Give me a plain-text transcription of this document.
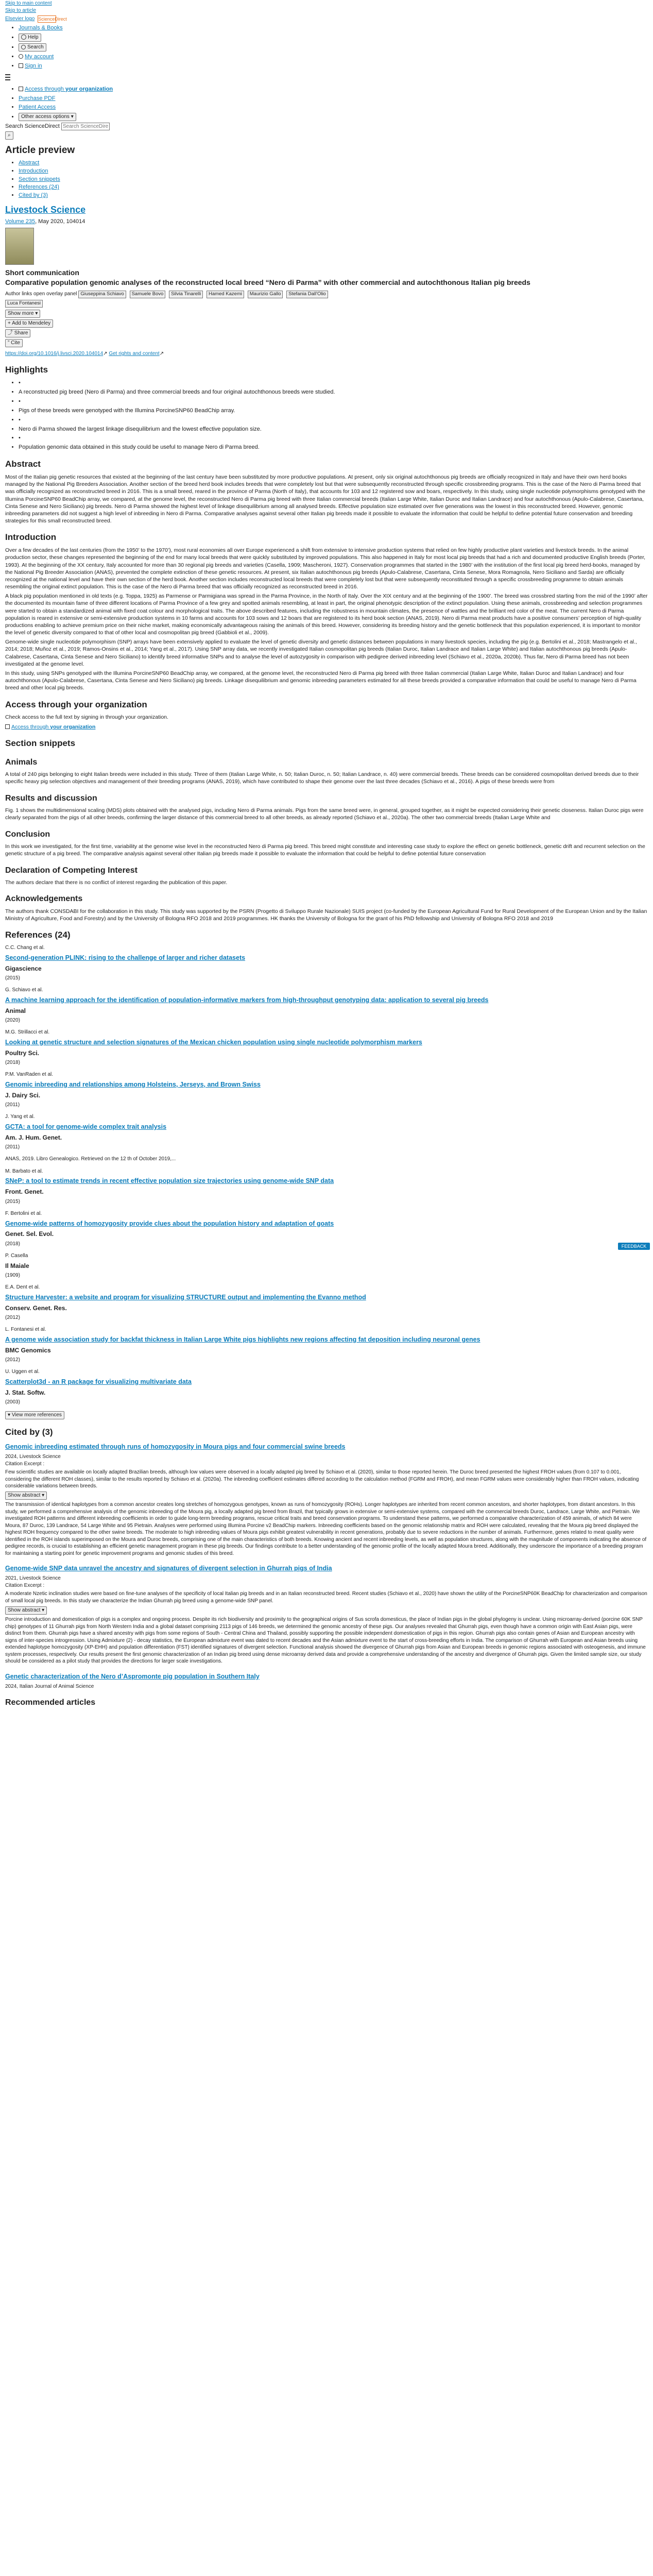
Skip to main content
Skip to article
Elsevier logo ScienceDirect
• Journals & Books
• Help
• Search
• My account
• Sign in
• Access through your organization
• Purchase PDF
• Patient Access
• Other access options ▾
Search ScienceDirect Search ScienceDirect
⌕
Article preview
• Abstract
• Introduction
• Section snippets
• References (24)
• Cited by (3)
Livestock Science
Volume 235, May 2020, 104014
Short communication
Comparative population genomic analyses of the reconstructed local breed “Nero di Parma” with other commercial and autochthonous Italian pig breeds
Author links open overlay panel Giuseppina Schiavo Samuele Bovo Silvia Tinarelli Hamed Kazemi Maurizio Gallo Stefania Dall'Olio
Luca Fontanesi
Show more ▾
+ Add to Mendeley
⤴ Share
” Cite
https://doi.org/10.1016/j.livsci.2020.104014↗ Get rights and content↗
Highlights
• •
• A reconstructed pig breed (Nero di Parma) and three commercial breeds and four original autochthonous breeds were studied.
• •
• Pigs of these breeds were genotyped with the Illumina PorcineSNP60 BeadChip array.
• •
• Nero di Parma showed the largest linkage disequilibrium and the lowest effective population size.
• •
• Population genomic data obtained in this study could be useful to manage Nero di Parma breed.
Abstract

Most of the Italian pig genetic resources that existed at the beginning of the last century have been substituted by more productive populations. At present, only six original autochthonous pig breeds are officially recognized in Italy and have their own herd books managed by the National Pig Breeders Association. Another section of the breed herd book includes breeds that were completely lost but that were subsequently reconstructed through specific crossbreeding programs. This is the case of the Nero di Parma breed that was officially recognized as reconstructed breed in 2016. This is a small breed, reared in the province of Parma (North of Italy), that accounts for 103 and 12 registered sow and boars, respectively. In this study, using single nucleotide polymorphisms genotyped with the Illumina PorcineSNP60 BeadChip array, we compared, at the genome level, the reconstructed Nero di Parma pig breed with three Italian commercial breeds (Italian Large White, Italian Duroc and Italian Landrace) and four autochthonous (Apulo-Calabrese, Casertana, Cinta Senese and Nero Siciliano) pig breeds. Nero di Parma showed the highest level of linkage disequilibrium among all analysed breeds. Effective population size estimated over five generations was the lowest in this reconstructed breed. However, genomic inbreeding parameters did not suggest a high level of inbreeding in Nero di Parma. Comparative analyses against several other Italian pig breeds made it possible to evaluate the information that could be helpful to define potential future conservation and breeding strategies for this small reconstructed breed.

Introduction

Over a few decades of the last centuries (from the 1950’ to the 1970’), most rural economies all over Europe experienced a shift from extensive to intensive production systems that relied on few highly productive plant varieties and livestock breeds. In the animal production sector, these changes represented the beginning of the end for many local breeds that were quickly substituted by improved populations. This also happened in Italy for most local pig breeds that had a rich and documented productive English breeds (Porter, 1993). At the beginning of the XX century, Italy accounted for more than 30 regional pig breeds and varieties (Casella, 1909; Mascheroni, 1927). Conservation programmes that started in the 1980’ with the institution of the first local pig breed herd-books, managed by the National Pig Breeder Association (ANAS), prevented the complete extinction of these genetic resources. At present, six Italian autochthonous pig breeds (Apulo-Calabrese, Casertana, Cinta Senese, Mora Romagnola, Nero Siciliano and Sarda) are officially recognized at the national level and have their own section of the herd book. Another section includes reconstructed local breeds that were completely lost but that were subsequently reconstituted through a specific crossbreeding programme to obtain animals resembling the original extinct population. This is the case of the Nero di Parma breed that was officially recognized as reconstructed breed in 2016.

A black pig population mentioned in old texts (e.g. Toppa, 1925) as Parmense or Parmigiana was spread in the Parma Province, in the North of Italy. Over the XIX century and at the beginning of the 1900’. The breed was crossbred starting from the mid of the 1990’ after the documented its mountain fame of three different locations of Parma Province of a few grey and spotted animals resembling, at least in part, the original phenotypic description of the extinct population. Using these animals, crossbreeding and selection programmes were started to obtain a standardized animal with fixed coat colour and morphological traits. The above described features, including the robustness in mountain climates, the presence of wattles and the brilliant red color of the meat. The current Nero di Parma population is reared in extensive or semi-extensive production systems in 10 farms and accounts for 103 sows and 12 boars that are registered to its herd book section (ANAS, 2019). Nero di Parma meat products have a positive consumers’ perception of high-quality productions enabling to achieve premium price on their niche market, making economically advantageous raising the animals of this breed. However, considering its breeding history and the genetic bottleneck that this population experienced, it is important to monitor the level of genetic diversity compared to that of other local and cosmopolitan pig breed (Gabbioli et al., 2009).

Genome-wide single nucleotide polymorphism (SNP) arrays have been extensively applied to evaluate the level of genetic diversity and genetic distances between populations in many livestock species, including the pig (e.g. Bertolini et al., 2018; Mastrangelo et al., 2014; 2018; Muñoz et al., 2019; Ramos-Onsins et al., 2014; Yang et al., 2017). Using SNP array data, we recently investigated Italian cosmopolitan pig breeds (Italian Duroc, Italian Landrace and Italian Large White) and Italian autochthonous pig breeds (Apulo-Calabrese, Casertana, Cinta Senese and Nero Siciliano) to identify breed informative SNPs and to analyse the level of autozygosity in comparison with pedigree derived inbreeding level (Schiavo et al., 2020a, 2020b). Thus far, Nero di Parma breed has not been investigated at the genome level.

In this study, using SNPs genotyped with the Illumina PorcineSNP60 BeadChip array, we compared, at the genome level, the reconstructed Nero di Parma pig breed with three Italian commercial (Italian Large White, Italian Duroc and Italian Landrace) and four autochthonous (Apulo-Calabrese, Casertana, Cinta Senese and Nero Siciliano) pig breeds. Linkage disequilibrium and genomic inbreeding parameters estimated for all these breeds provided a comparative information that could be useful to manage Nero di Parma breed and other local pig breeds.

Access through your organization

Check access to the full text by signing in through your organization.

Access through your organization

Section snippets
Animals

A total of 240 pigs belonging to eight Italian breeds were included in this study. Three of them (Italian Large White, n. 50; Italian Duroc, n. 50; Italian Landrace, n. 40) were commercial breeds. These breeds can be considered cosmopolitan derived breeds due to their specific heavy pig selection objectives and management of their breeding programs (ANAS, 2019), which have contributed to shape their genome over the last three decades (Schiavo et al., 2016). A pigs of these breeds were from

Results and discussion

Fig. 1 shows the multidimensional scaling (MDS) plots obtained with the analysed pigs, including Nero di Parma animals. Pigs from the same breed were, in general, grouped together, as it might be expected considering their genetic closeness. Italian Duroc pigs were clearly separated from the pigs of all other breeds, confirming the larger distance of this commercial breed to all other breeds, as already reported (Schiavo et al., 2020a). The other two commercial breeds (Italian Large White and

Conclusion

In this work we investigated, for the first time, variability at the genome wise level in the reconstructed Nero di Parma pig breed. This breed might constitute and interesting case study to explore the effect on genetic bottleneck, genetic drift and recurrent selection on the genetic structure of a pig breed. The comparative analysis against several other Italian pig breeds made it possible to evaluate the information that could be helpful to define potential future conservation

Declaration of Competing Interest

The authors declare that there is no conflict of interest regarding the publication of this paper.

Acknowledgements

The authors thank CONSDABI for the collaboration in this study. This study was supported by the PSRN (Progetto di Sviluppo Rurale Nazionale) SUIS project (co-funded by the European Agricultural Fund for Rural Development of the European Union and by the Italian Ministry of Agriculture, Food and Forestry) and by the University of Bologna RFO 2018 and 2019 programmes. HK thanks the University of Bologna for the grant of his PhD fellowship and University of Bologna RFO 2018 and 2019

References (24)
C.C. Chang et al.
Second-generation PLINK: rising to the challenge of larger and richer datasets
Gigascience
(2015)
G. Schiavo et al.
A machine learning approach for the identification of population-informative markers from high-throughput genotyping data: application to several pig breeds
Animal
(2020)
M.G. Strillacci et al.
Looking at genetic structure and selection signatures of the Mexican chicken population using single nucleotide polymorphism markers
Poultry Sci.
(2018)
P.M. VanRaden et al.
Genomic inbreeding and relationships among Holsteins, Jerseys, and Brown Swiss
J. Dairy Sci.
(2011)
J. Yang et al.
GCTA: a tool for genome-wide complex trait analysis
Am. J. Hum. Genet.
(2011)
ANAS, 2019. Libro Genealogico. Retrieved on the 12 th of October 2019,...
M. Barbato et al.
SNeP: a tool to estimate trends in recent effective population size trajectories using genome-wide SNP data
Front. Genet.
(2015)
F. Bertolini et al.
Genome-wide patterns of homozygosity provide clues about the population history and adaptation of goats
Genet. Sel. Evol.
(2018)
P. Casella
Il Maiale
(1909)
E.A. Dent et al.
Structure Harvester: a website and program for visualizing STRUCTURE output and implementing the Evanno method
Conserv. Genet. Res.
(2012)
L. Fontanesi et al.
A genome wide association study for backfat thickness in Italian Large White pigs highlights new regions affecting fat deposition including neuronal genes
BMC Genomics
(2012)
U. Uggen et al.
Scatterplot3d - an R package for visualizing multivariate data
J. Stat. Softw.
(2003)
▾ View more references
Cited by (3)
Genomic inbreeding estimated through runs of homozygosity in Moura pigs and four commercial swine breeds
2024, Livestock Science
Citation Excerpt :
Few scientific studies are available on locally adapted Brazilian breeds, although low values were observed in a locally adapted pig breed by Schiavo et al. (2020), similar to those reported herein. The Duroc breed presented the highest FROH values (from 0.107 to 0.001, considering the different ROH classes), similar to the results reported by Schiavo et al. (2020a). The inbreeding coefficient estimates differed according to the calculation method (FGRM and FROH), and mean FGRM values were considerably higher than FROH values, indicating considerable variations between breeds.
Show abstract ▾
The transmission of identical haplotypes from a common ancestor creates long stretches of homozygous genotypes, known as runs of homozygosity (ROHs). Longer haplotypes are inherited from recent common ancestors, and shorter haplotypes, from distant ancestors. In this study, we performed a comprehensive analysis of the genomic inbreeding of the Moura pig, a locally adapted pig breed from Brazil, that typically grows in extensive or semi-extensive systems, compared with the commercial breeds Duroc, Landrace, Large White, and Pietrain. We investigated ROH patterns and different inbreeding coefficients in order to guide long-term breeding programs, rescue critical traits and breed conservation programs. To understand these patterns, we performed a comparative characterization of 459 animals, of which 84 were Moura, 87 Duroc, 139 Landrace, 54 Large White and 95 Pietrain. Analyses were performed using Illumina Porcine v2 BeadChip markers. Inbreeding coefficients based on the genomic relationship matrix and ROH were calculated, revealing that the Moura pig breed displayed the highest ROH frequency compared to the other swine breeds. The moderate to high inbreeding values of Moura pigs exhibit greatest vulnerability in recent generations, probably due to severe reductions in the number of animals. Furthermore, genes related to meat quality were identified in the ROH islands superimposed on the Moura and Duroc breeds, comprising one of the main characteristics of both breeds. Knowing ancient and recent inbreeding levels, as well as population structures, along with the magnitude of components indicating the absence of pedigree records, is crucial to establishing an efficient genetic management program in these pig breeds. Our findings contribute to a better understanding of the genomic profile of the locally adapted Moura breed. Additionally, they underscore the importance of a breeding program for maintaining a starting point for genetic improvement programs and genomic studies of this breed.
Genome-wide SNP data unravel the ancestry and signatures of divergent selection in Ghurrah pigs of India
2021, Livestock Science
Citation Excerpt :
A moderate Nzetic inclination studies were based on fine-tune analyses of the specificity of local Italian pig breeds and in an Italian reconstructed breed. Recent studies (Schiavo et al., 2020) have shown the utility of the PorcineSNP60K BeadChip for characterization and comparison of small local pig breeds. In this study we characterize the Indian Ghurrah pig breed using a genome-wide SNP panel.
Show abstract ▾
Porcine introduction and domestication of pigs is a complex and ongoing process. Despite its rich biodiversity and proximity to the geographical origins of Sus scrofa domesticus, the place of Indian pigs in the global phylogeny is unclear. Using microarray-derived (porcine 60K SNP chip) genotypes of 11 Ghurrah pigs from North Western India and a global dataset comprising 2113 pigs of 146 breeds, we determined the genomic ancestry of these pigs. Our analyses revealed that Ghurrah pigs, even though have a common origin with East Asian pigs, were distinct from them. Ghurrah pigs have a shared ancestry with pigs from some regions of South - Central China and Thailand, possibly supporting the possible independent domestication of pigs in this region. Ghurrah pigs also contain genes of Asian and European ancestry with signs of inter-species introgression. Using Admixture (2) - decay statistics, the European admixture event was dated to recent decades and the Asian admixture event to the start of cross-breeding efforts in India. The comparison of Ghurrah with European and Asian breeds using extended haplotype homozygosity (XP-EHH) and population differentiation (FST) identified signatures of divergent selection. Functional analysis showed the divergence of Ghurrah pigs from Asian and European breeds in genomic regions associated with osteogenesis, and immune system processes, respectively. Our results present the first genomic characterization of an Indian pig breed using dense microarray derived data and provide a comprehensive understanding of the ancestry and divergence of Ghurrah pigs. Given the limited sample size, our study should be considered as a pilot study that provides the directions for larger scale investigations.
Genetic characterization of the Nero d’Aspromonte pig population in Southern Italy
2024, Italian Journal of Animal Science
Recommended articles
FEEDBACK
